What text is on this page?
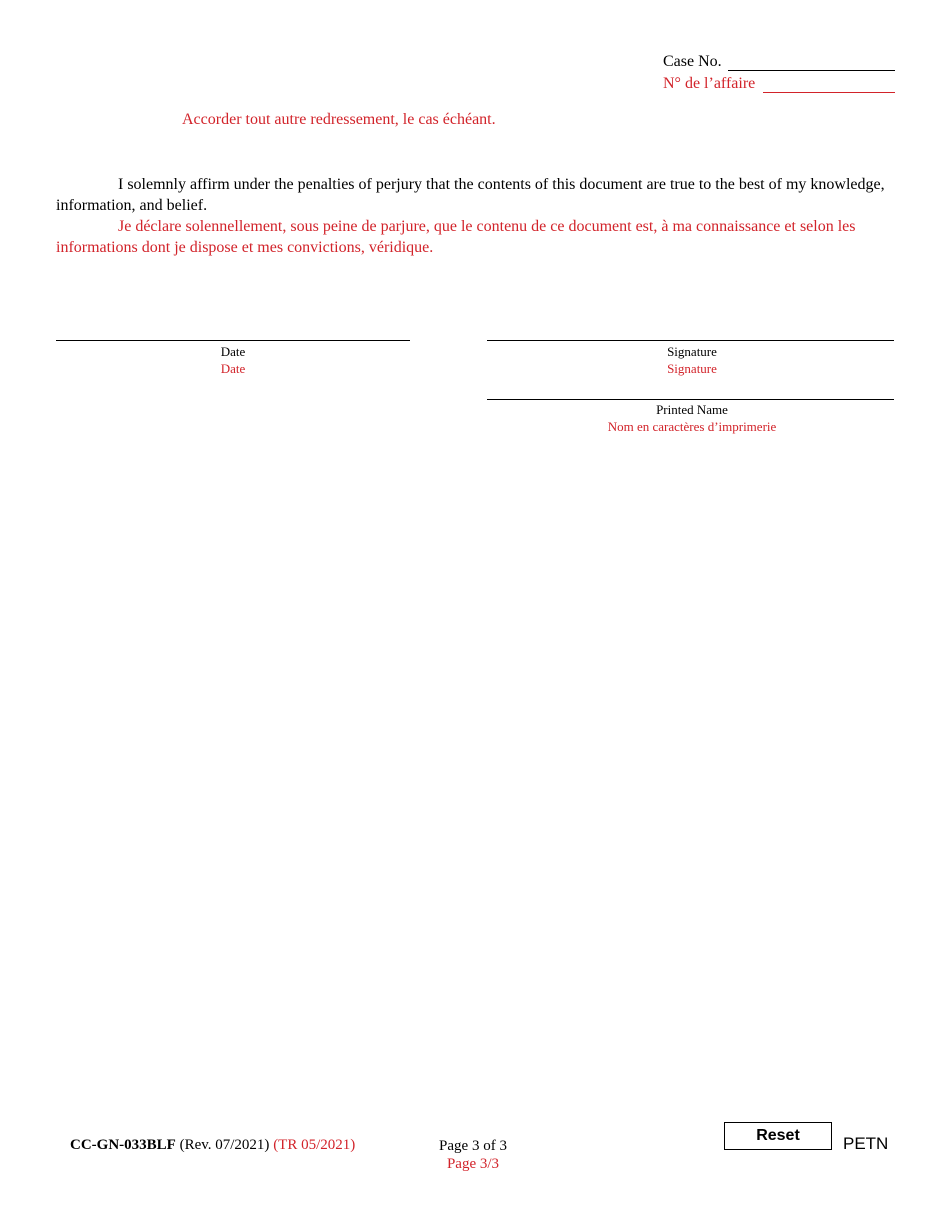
Case No.
N° de l’affaire
Accorder tout autre redressement, le cas échéant.

I solemnly affirm under the penalties of perjury that the contents of this document are true to the best of my knowledge, information, and belief.

Je déclare solennellement, sous peine de parjure, que le contenu de ce document est, à ma connaissance et selon les informations dont je dispose et mes convictions, véridique.

Date
Date
Signature
Signature
Printed Name
Nom en caractères d’imprimerie
CC-GN-033BLF (Rev. 07/2021) (TR 05/2021)	Page 3 of 3
Page 3/3
Reset	PETN
